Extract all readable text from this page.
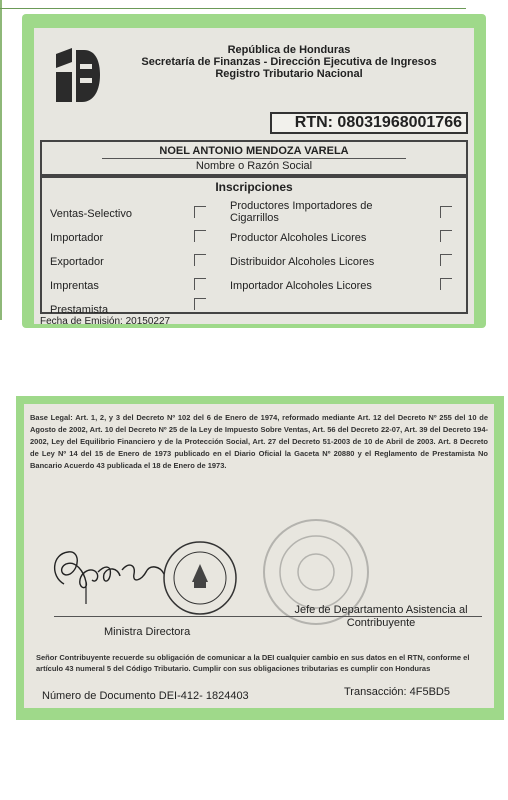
República de Honduras
Secretaría de Finanzas - Dirección Ejecutiva de Ingresos
Registro Tributario Nacional
RTN: 08031968001766
NOEL ANTONIO MENDOZA VARELA
Nombre o Razón Social
Inscripciones
Ventas-Selectivo
Importador
Exportador
Imprentas
Prestamista
Productores Importadores de Cigarrillos
Productor Alcoholes Licores
Distribuidor Alcoholes Licores
Importador Alcoholes Licores
Fecha de Emisión: 20150227
Base Legal: Art. 1, 2, y 3 del Decreto Nº 102 del 6 de Enero de 1974, reformado mediante Art. 12 del Decreto Nº 255 del 10 de Agosto de 2002, Art. 10 del Decreto Nº 25 de la Ley de Impuesto Sobre Ventas, Art. 56 del Decreto 22-07, Art. 39 del Decreto 194-2002, Ley del Equilibrio Financiero y de la Protección Social, Art. 27 del Decreto 51-2003 de 10 de Abril de 2003. Art. 8 Decreto de Ley Nº 14 del 15 de Enero de 1973 publicado en el Diario Oficial la Gaceta Nº 20880 y el Reglamento de Prestamista No Bancario Acuerdo 43 publicada el 18 de Enero de 1973.
Ministra Directora
Jefe de Departamento Asistencia al Contribuyente
Señor Contribuyente recuerde su obligación de comunicar a la DEI cualquier cambio en sus datos en el RTN, conforme el artículo 43 numeral 5 del Código Tributario. Cumplir con sus obligaciones tributarias es cumplir con Honduras
Número de Documento DEI-412- 1824403	Transacción: 4F5BD5
